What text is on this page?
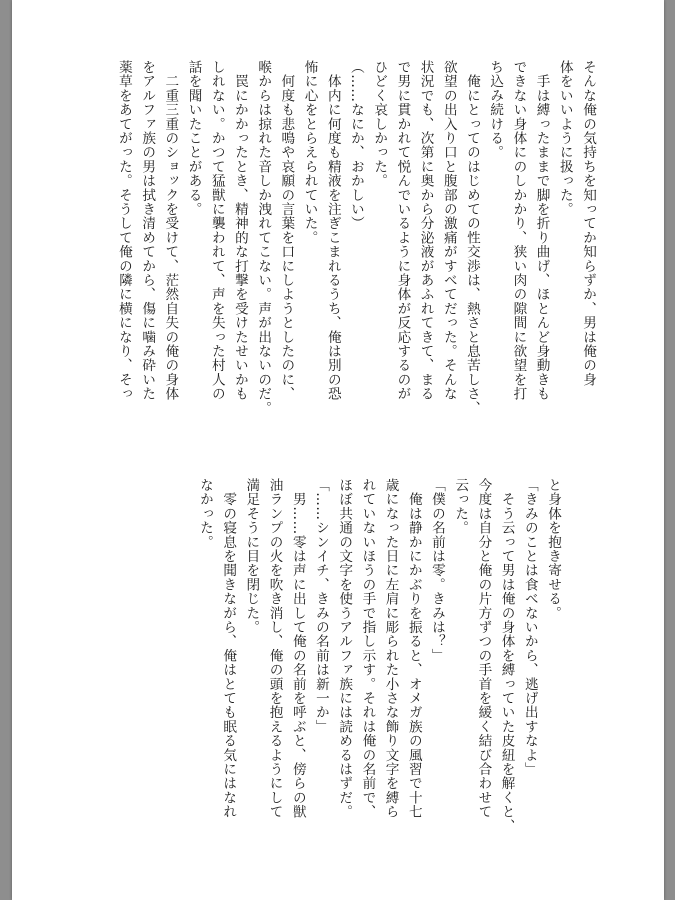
そんな俺の気持ちを知ってか知らずか、男は俺の身

体をいいように扱った。

　手は縛ったままで脚を折り曲げ、ほとんど身動きも

できない身体にのしかかり、狭い肉の隙間に欲望を打

ち込み続ける。

　俺にとってのはじめての性交渉は、熱さと息苦しさ、

欲望の出入り口と腹部の激痛がすべてだった。そんな

状況でも、次第に奥から分泌液があふれてきて、まる

で男に貫かれて悦んでいるように身体が反応するのが

ひどく哀しかった。

（……なにか、おかしい）

　体内に何度も精液を注ぎこまれるうち、俺は別の恐

怖に心をとらえられていた。

　何度も悲鳴や哀願の言葉を口にしようとしたのに、

喉からは掠れた音しか洩れてこない。声が出ないのだ。

　罠にかかったとき、精神的な打撃を受けたせいかも

しれない。かつて猛獣に襲われて、声を失った村人の

話を聞いたことがある。

　二重三重のショックを受けて、茫然自失の俺の身体

をアルファ族の男は拭き清めてから、傷に噛み砕いた

薬草をあてがった。そうして俺の隣に横になり、そっ

と身体を抱き寄せる。

「きみのことは食べないから、逃げ出すなよ」

　そう云って男は俺の身体を縛っていた皮紐を解くと、

今度は自分と俺の片方ずつの手首を緩く結び合わせて

云った。

「僕の名前は零。きみは？」

　俺は静かにかぶりを振ると、オメガ族の風習で十七

歳になった日に左肩に彫られた小さな飾り文字を縛ら

れていないほうの手で指し示す。それは俺の名前で、

ほぼ共通の文字を使うアルファ族には読めるはずだ。

「……シンイチ、きみの名前は新一か」

　男……零は声に出して俺の名前を呼ぶと、傍らの獣

油ランプの火を吹き消し、俺の頭を抱えるようにして

満足そうに目を閉じた。

　零の寝息を聞きながら、俺はとても眠る気にはなれ

なかった。
